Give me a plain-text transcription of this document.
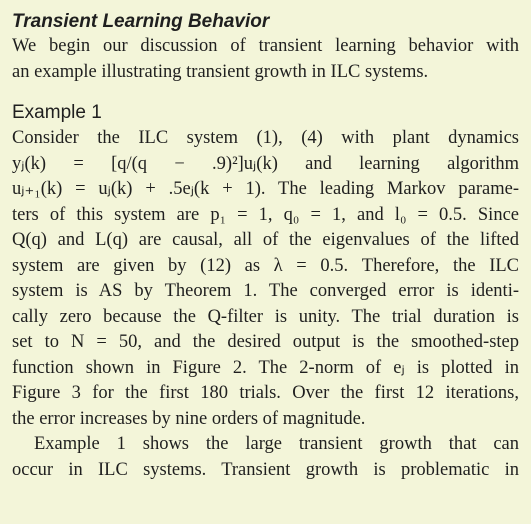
Transient Learning Behavior
We begin our discussion of transient learning behavior with
an example illustrating transient growth in ILC systems.
Example 1
Consider the ILC system (1), (4) with plant dynamics
yⱼ(k) = [q/(q − .9)²]uⱼ(k) and learning algorithm
uⱼ₊₁(k) = uⱼ(k) + .5eⱼ(k + 1). The leading Markov parame-
ters of this system are p₁ = 1, q₀ = 1, and l₀ = 0.5. Since
Q(q) and L(q) are causal, all of the eigenvalues of the lifted
system are given by (12) as λ = 0.5. Therefore, the ILC
system is AS by Theorem 1. The converged error is identi-
cally zero because the Q-filter is unity. The trial duration is
set to N = 50, and the desired output is the smoothed-step
function shown in Figure 2. The 2-norm of eⱼ is plotted in
Figure 3 for the first 180 trials. Over the first 12 iterations,
the error increases by nine orders of magnitude.
Example 1 shows the large transient growth that can
occur in ILC systems. Transient growth is problematic in
